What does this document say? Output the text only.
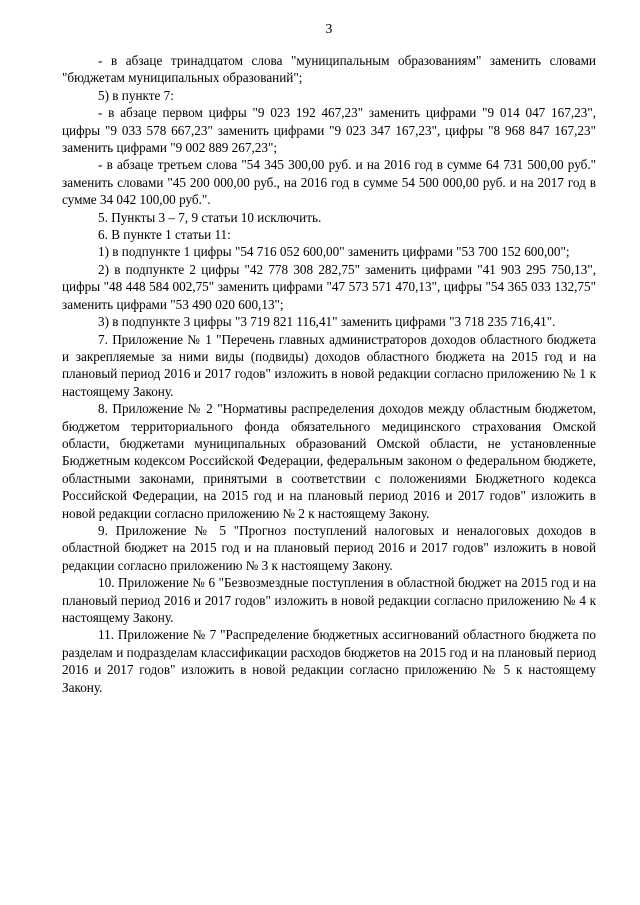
3

- в абзаце тринадцатом слова "муниципальным образованиям" заменить словами "бюджетам муниципальных образований";

5) в пункте 7:

- в абзаце первом цифры "9 023 192 467,23" заменить цифрами "9 014 047 167,23", цифры "9 033 578 667,23" заменить цифрами "9 023 347 167,23", цифры "8 968 847 167,23" заменить цифрами "9 002 889 267,23";

- в абзаце третьем слова "54 345 300,00 руб. и на 2016 год в сумме 64 731 500,00 руб." заменить словами "45 200 000,00 руб., на 2016 год в сумме 54 500 000,00 руб. и на 2017 год в сумме 34 042 100,00 руб.".

5. Пункты 3 – 7, 9 статьи 10 исключить.

6. В пункте 1 статьи 11:

1) в подпункте 1 цифры "54 716 052 600,00" заменить цифрами "53 700 152 600,00";

2) в подпункте 2 цифры "42 778 308 282,75" заменить цифрами "41 903 295 750,13", цифры "48 448 584 002,75" заменить цифрами "47 573 571 470,13", цифры "54 365 033 132,75" заменить цифрами "53 490 020 600,13";

3) в подпункте 3 цифры "3 719 821 116,41" заменить цифрами "3 718 235 716,41".

7. Приложение № 1 "Перечень главных администраторов доходов областного бюджета и закрепляемые за ними виды (подвиды) доходов областного бюджета на 2015 год и на плановый период 2016 и 2017 годов" изложить в новой редакции согласно приложению № 1 к настоящему Закону.

8. Приложение № 2 "Нормативы распределения доходов между областным бюджетом, бюджетом территориального фонда обязательного медицинского страхования Омской области, бюджетами муниципальных образований Омской области, не установленные Бюджетным кодексом Российской Федерации, федеральным законом о федеральном бюджете, областными законами, принятыми в соответствии с положениями Бюджетного кодекса Российской Федерации, на 2015 год и на плановый период 2016 и 2017 годов" изложить в новой редакции согласно приложению № 2 к настоящему Закону.

9. Приложение № 5 "Прогноз поступлений налоговых и неналоговых доходов в областной бюджет на 2015 год и на плановый период 2016 и 2017 годов" изложить в новой редакции согласно приложению № 3 к настоящему Закону.

10. Приложение № 6 "Безвозмездные поступления в областной бюджет на 2015 год и на плановый период 2016 и 2017 годов" изложить в новой редакции согласно приложению № 4 к настоящему Закону.

11. Приложение № 7 "Распределение бюджетных ассигнований областного бюджета по разделам и подразделам классификации расходов бюджетов на 2015 год и на плановый период 2016 и 2017 годов" изложить в новой редакции согласно приложению № 5 к настоящему Закону.
